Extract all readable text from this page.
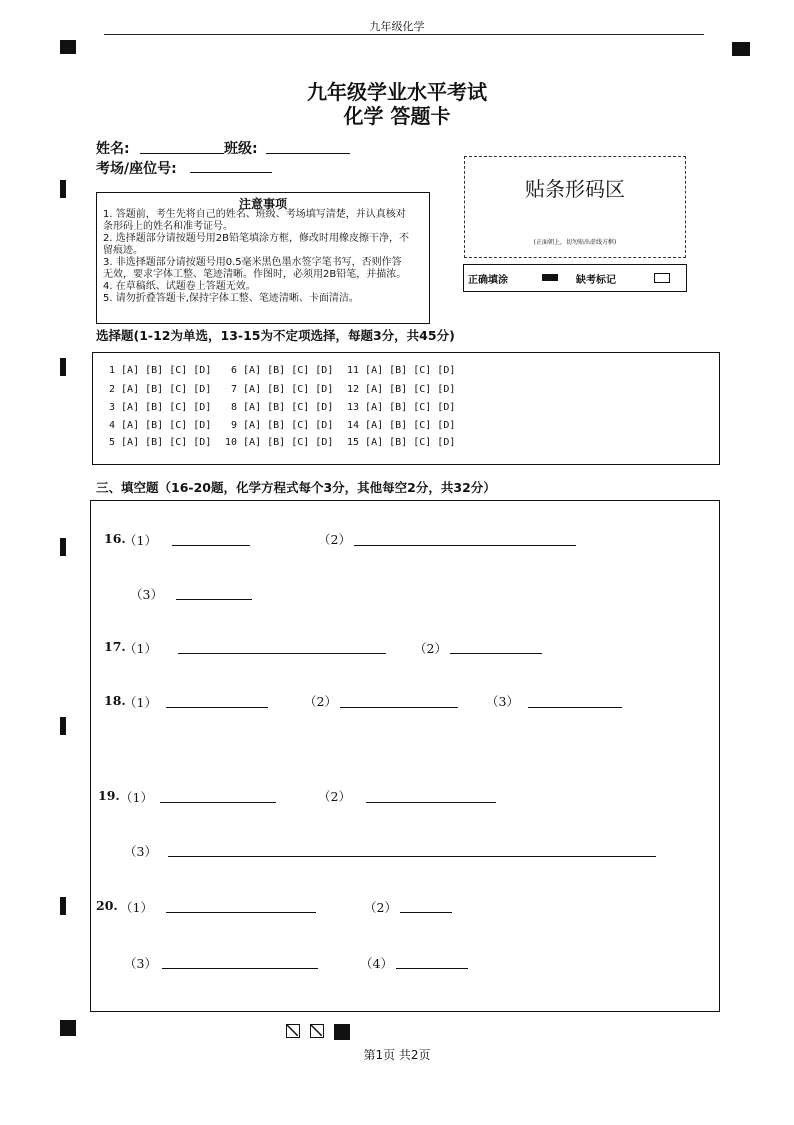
九年级化学
九年级学业水平考试
化学 答题卡
姓名:	班级:
考场/座位号:
注意事项
1. 答题前，考生先将自己的姓名、班级、考场填写清楚，并认真核对
条形码上的姓名和准考证号。
2. 选择题部分请按题号用2B铅笔填涂方框，修改时用橡皮擦干净，不
留痕迹。
3. 非选择题部分请按题号用0.5毫米黑色墨水签字笔书写，否则作答
无效，要求字体工整、笔迹清晰。作图时，必须用2B铅笔，并描浓。
4. 在草稿纸、试题卷上答题无效。
5. 请勿折叠答题卡,保持字体工整、笔迹清晰、卡面清洁。
贴条形码区
(正面朝上，切勿贴出虚线方框)
正确填涂	缺考标记
选择题(1-12为单选，13-15为不定项选择，每题3分，共45分)
1 [A] [B] [C] [D]
2 [A] [B] [C] [D]
3 [A] [B] [C] [D]
4 [A] [B] [C] [D]
5 [A] [B] [C] [D]
6 [A] [B] [C] [D]
7 [A] [B] [C] [D]
8 [A] [B] [C] [D]
9 [A] [B] [C] [D]
10 [A] [B] [C] [D]
11 [A] [B] [C] [D]
12 [A] [B] [C] [D]
13 [A] [B] [C] [D]
14 [A] [B] [C] [D]
15 [A] [B] [C] [D]
三、填空题（16-20题，化学方程式每个3分，其他每空2分，共32分）
16.
（1）	（2）
（3）
17.
（1）	（2）
18.
（1）	（2）	（3）
19. （1）	（2）
（3）
20. （1）	（2）
（3）	（4）
第1页 共2页
